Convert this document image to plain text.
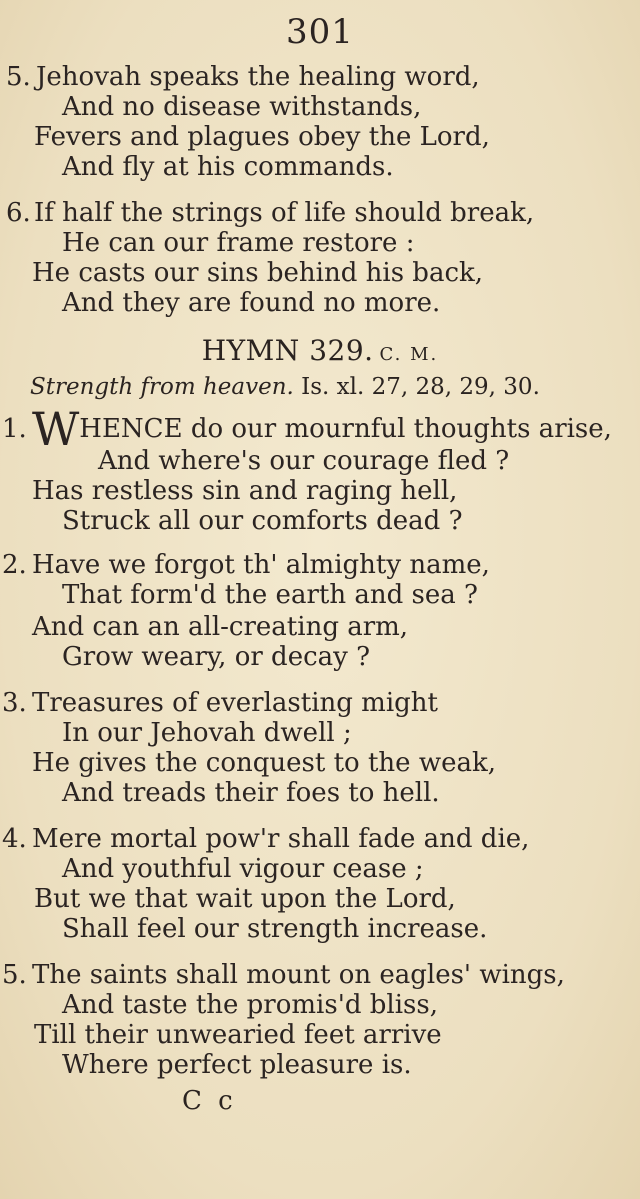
301
5. Jehovah speaks the healing word,
And no disease withstands,
Fevers and plagues obey the Lord,
And fly at his commands.
6. If half the strings of life should break,
He can our frame restore :
He casts our sins behind his back,
And they are found no more.
HYMN 329. C. M.
Strength from heaven. Is. xl. 27, 28, 29, 30.
1. WHENCE do our mournful thoughts arise,
And where's our courage fled ?
Has restless sin and raging hell,
Struck all our comforts dead ?
2. Have we forgot th' almighty name,
That form'd the earth and sea ?
And can an all-creating arm,
Grow weary, or decay ?
3. Treasures of everlasting might
In our Jehovah dwell ;
He gives the conquest to the weak,
And treads their foes to hell.
4. Mere mortal pow'r shall fade and die,
And youthful vigour cease ;
But we that wait upon the Lord,
Shall feel our strength increase.
5. The saints shall mount on eagles' wings,
And taste the promis'd bliss,
Till their unwearied feet arrive
Where perfect pleasure is.
C c
